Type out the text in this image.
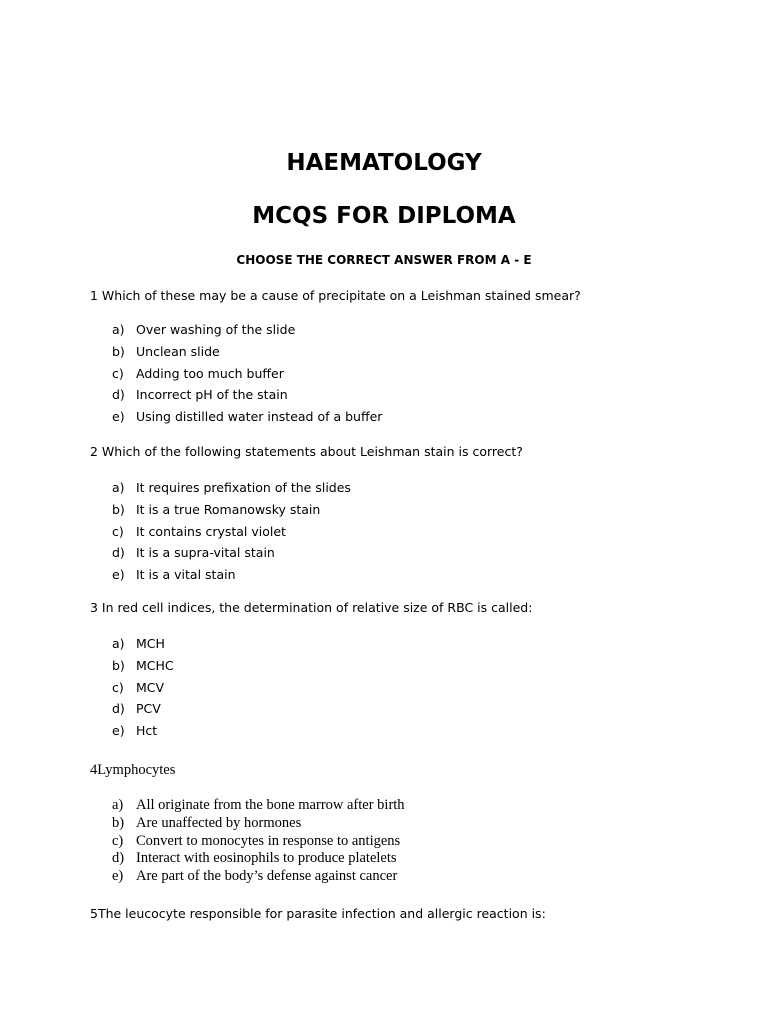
HAEMATOLOGY
MCQS FOR DIPLOMA
CHOOSE THE CORRECT ANSWER FROM A - E
1 Which of these may be a cause of precipitate on a Leishman stained smear?
a) Over washing of the slide
b) Unclean slide
c) Adding too much buffer
d) Incorrect pH of the stain
e) Using distilled water instead of a buffer
2 Which of the following statements about Leishman stain is correct?
a) It requires prefixation of the slides
b) It is a true Romanowsky stain
c) It contains crystal violet
d) It is a supra-vital stain
e) It is a vital stain
3 In red cell indices, the determination of relative size of RBC is called:
a) MCH
b) MCHC
c) MCV
d) PCV
e) Hct
4Lymphocytes
a) All originate from the bone marrow after birth
b) Are unaffected by hormones
c) Convert to monocytes in response to antigens
d) Interact with eosinophils to produce platelets
e) Are part of the body’s defense against cancer
5The leucocyte responsible for parasite infection and allergic reaction is:
